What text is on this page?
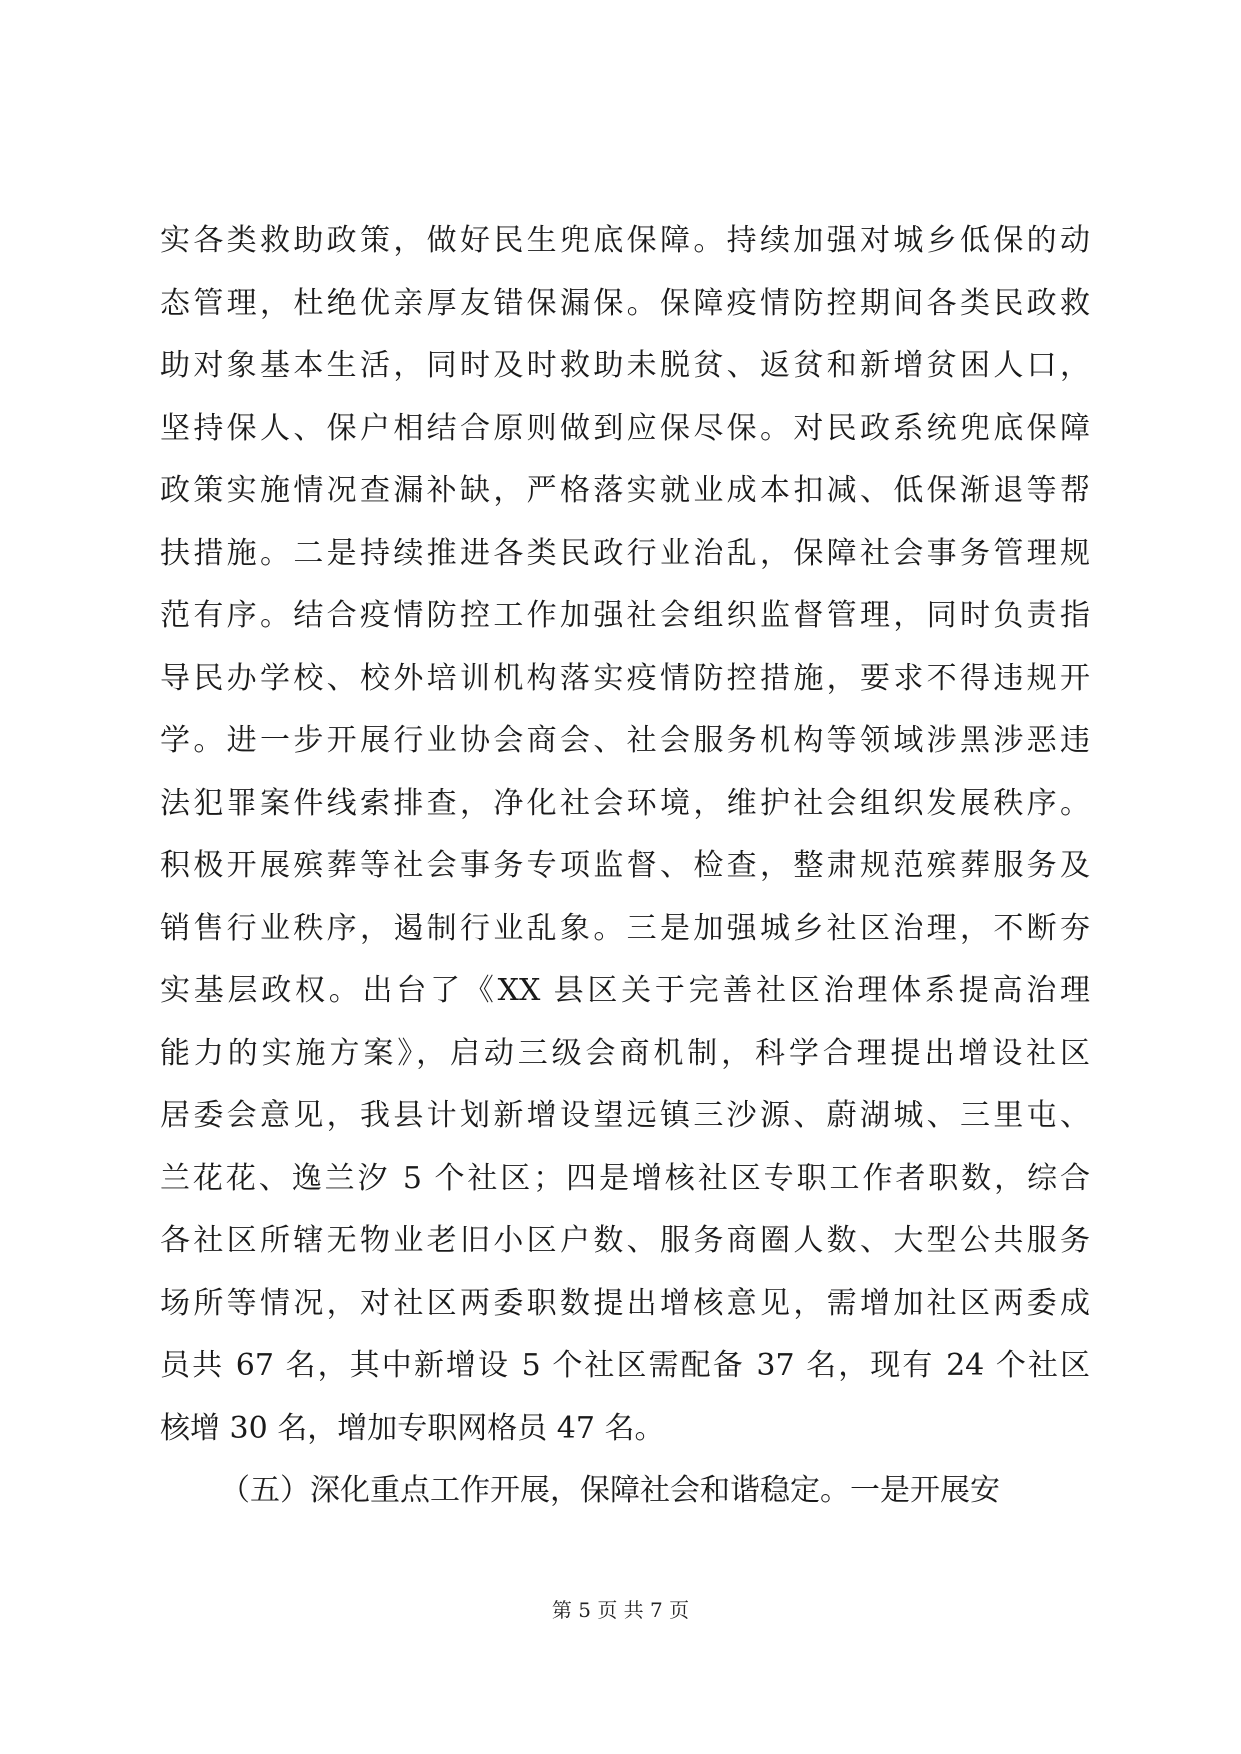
实各类救助政策，做好民生兜底保障。持续加强对城乡低保的动
态管理，杜绝优亲厚友错保漏保。保障疫情防控期间各类民政救
助对象基本生活，同时及时救助未脱贫、返贫和新增贫困人口，
坚持保人、保户相结合原则做到应保尽保。对民政系统兜底保障
政策实施情况查漏补缺，严格落实就业成本扣减、低保渐退等帮
扶措施。二是持续推进各类民政行业治乱，保障社会事务管理规
范有序。结合疫情防控工作加强社会组织监督管理，同时负责指
导民办学校、校外培训机构落实疫情防控措施，要求不得违规开
学。进一步开展行业协会商会、社会服务机构等领域涉黑涉恶违
法犯罪案件线索排查，净化社会环境，维护社会组织发展秩序。
积极开展殡葬等社会事务专项监督、检查，整肃规范殡葬服务及
销售行业秩序，遏制行业乱象。三是加强城乡社区治理，不断夯
实基层政权。出台了《XX 县区关于完善社区治理体系提高治理
能力的实施方案》，启动三级会商机制，科学合理提出增设社区
居委会意见，我县计划新增设望远镇三沙源、蔚湖城、三里屯、
兰花花、逸兰汐 5 个社区；四是增核社区专职工作者职数，综合
各社区所辖无物业老旧小区户数、服务商圈人数、大型公共服务
场所等情况，对社区两委职数提出增核意见，需增加社区两委成
员共 67 名，其中新增设 5 个社区需配备 37 名，现有 24 个社区
核增 30 名，增加专职网格员 47 名。
（五）深化重点工作开展，保障社会和谐稳定。一是开展安
第 5 页 共 7 页
